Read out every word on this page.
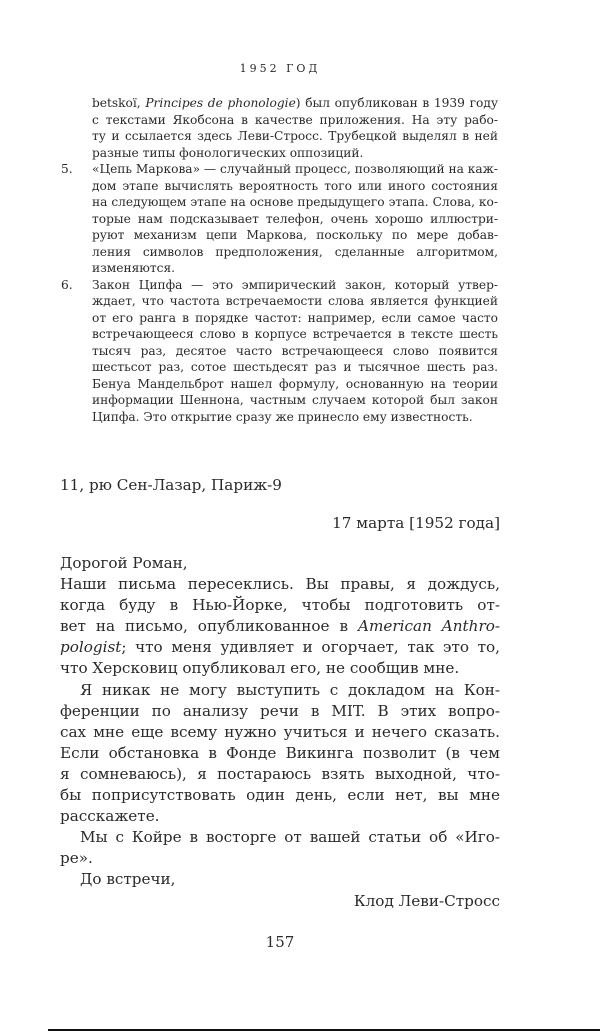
1952 ГОД
betskoï, Principes de phonologie) был опубликован в 1939 году
с текстами Якобсона в качестве приложения. На эту рабо-
ту и ссылается здесь Леви-Стросс. Трубецкой выделял в ней
разные типы фонологических оппозиций.
5. «Цепь Маркова» — случайный процесс, позволяющий на каж-
дом этапе вычислять вероятность того или иного состояния
на следующем этапе на основе предыдущего этапа. Слова, ко-
торые нам подсказывает телефон, очень хорошо иллюстри-
руют механизм цепи Маркова, поскольку по мере добав-
ления символов предположения, сделанные алгоритмом,
изменяются.
6. Закон Ципфа — это эмпирический закон, который утвер-
ждает, что частота встречаемости слова является функцией
от его ранга в порядке частот: например, если самое часто
встречающееся слово в корпусе встречается в тексте шесть
тысяч раз, десятое часто встречающееся слово появится
шестьсот раз, сотое шестьдесят раз и тысячное шесть раз.
Бенуа Мандельброт нашел формулу, основанную на теории
информации Шеннона, частным случаем которой был закон
Ципфа. Это открытие сразу же принесло ему известность.
11, рю Сен-Лазар, Париж-9
17 марта [1952 года]
Дорогой Роман,
Наши письма пересеклись. Вы правы, я дождусь,
когда буду в Нью-Йорке, чтобы подготовить от-
вет на письмо, опубликованное в American Anthro-
pologist; что меня удивляет и огорчает, так это то,
что Херсковиц опубликовал его, не сообщив мне.
Я никак не могу выступить с докладом на Кон-
ференции по анализу речи в MIT. В этих вопро-
сах мне еще всему нужно учиться и нечего сказать.
Если обстановка в Фонде Викинга позволит (в чем
я сомневаюсь), я постараюсь взять выходной, что-
бы поприсутствовать один день, если нет, вы мне
расскажете.
Мы с Койре в восторге от вашей статьи об «Иго-
ре».
До встречи,
Клод Леви-Стросс
157
